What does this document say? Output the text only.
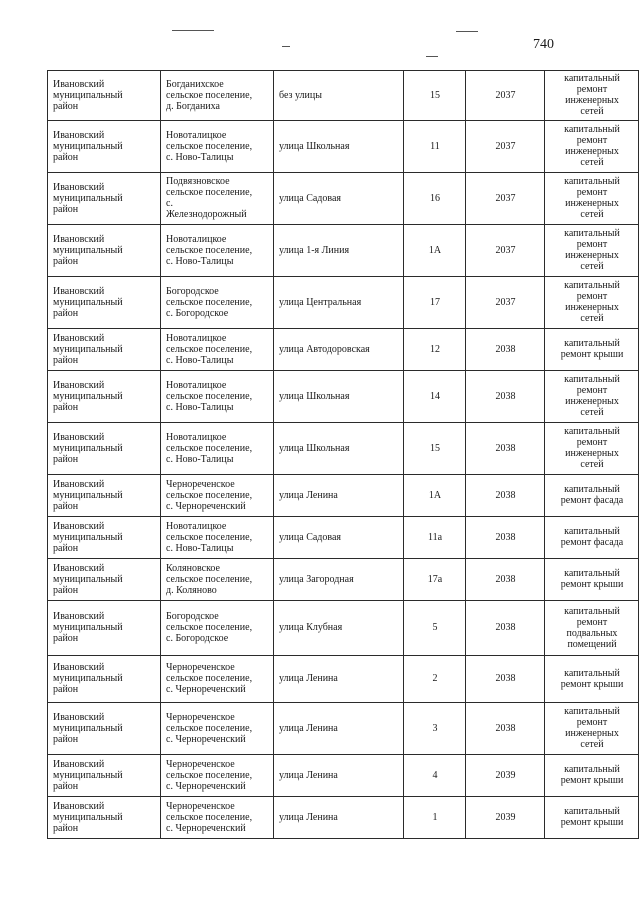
740
Ивановский
муниципальный
район	Богданихское
сельское поселение,
д. Богданиха	без улицы	15	2037	капитальный
ремонт
инженерных
сетей
Ивановский
муниципальный
район	Новоталицкое
сельское поселение,
с. Ново-Талицы	улица Школьная	11	2037	капитальный
ремонт
инженерных
сетей
Ивановский
муниципальный
район	Подвязновское
сельское поселение,
с.
Железнодорожный	улица Садовая	16	2037	капитальный
ремонт
инженерных
сетей
Ивановский
муниципальный
район	Новоталицкое
сельское поселение,
с. Ново-Талицы	улица 1-я Линия	1А	2037	капитальный
ремонт
инженерных
сетей
Ивановский
муниципальный
район	Богородское
сельское поселение,
с. Богородское	улица Центральная	17	2037	капитальный
ремонт
инженерных
сетей
Ивановский
муниципальный
район	Новоталицкое
сельское поселение,
с. Ново-Талицы	улица Автодоровская	12	2038	капитальный
ремонт крыши
Ивановский
муниципальный
район	Новоталицкое
сельское поселение,
с. Ново-Талицы	улица Школьная	14	2038	капитальный
ремонт
инженерных
сетей
Ивановский
муниципальный
район	Новоталицкое
сельское поселение,
с. Ново-Талицы	улица Школьная	15	2038	капитальный
ремонт
инженерных
сетей
Ивановский
муниципальный
район	Чернореченское
сельское поселение,
с. Чернореченский	улица Ленина	1А	2038	капитальный
ремонт фасада
Ивановский
муниципальный
район	Новоталицкое
сельское поселение,
с. Ново-Талицы	улица Садовая	11а	2038	капитальный
ремонт фасада
Ивановский
муниципальный
район	Коляновское
сельское поселение,
д. Коляново	улица Загородная	17а	2038	капитальный
ремонт крыши
Ивановский
муниципальный
район	Богородское
сельское поселение,
с. Богородское	улица Клубная	5	2038	капитальный
ремонт
подвальных
помещений
Ивановский
муниципальный
район	Чернореченское
сельское поселение,
с. Чернореченский	улица Ленина	2	2038	капитальный
ремонт крыши
Ивановский
муниципальный
район	Чернореченское
сельское поселение,
с. Чернореченский	улица Ленина	3	2038	капитальный
ремонт
инженерных
сетей
Ивановский
муниципальный
район	Чернореченское
сельское поселение,
с. Чернореченский	улица Ленина	4	2039	капитальный
ремонт крыши
Ивановский
муниципальный
район	Чернореченское
сельское поселение,
с. Чернореченский	улица Ленина	1	2039	капитальный
ремонт крыши
